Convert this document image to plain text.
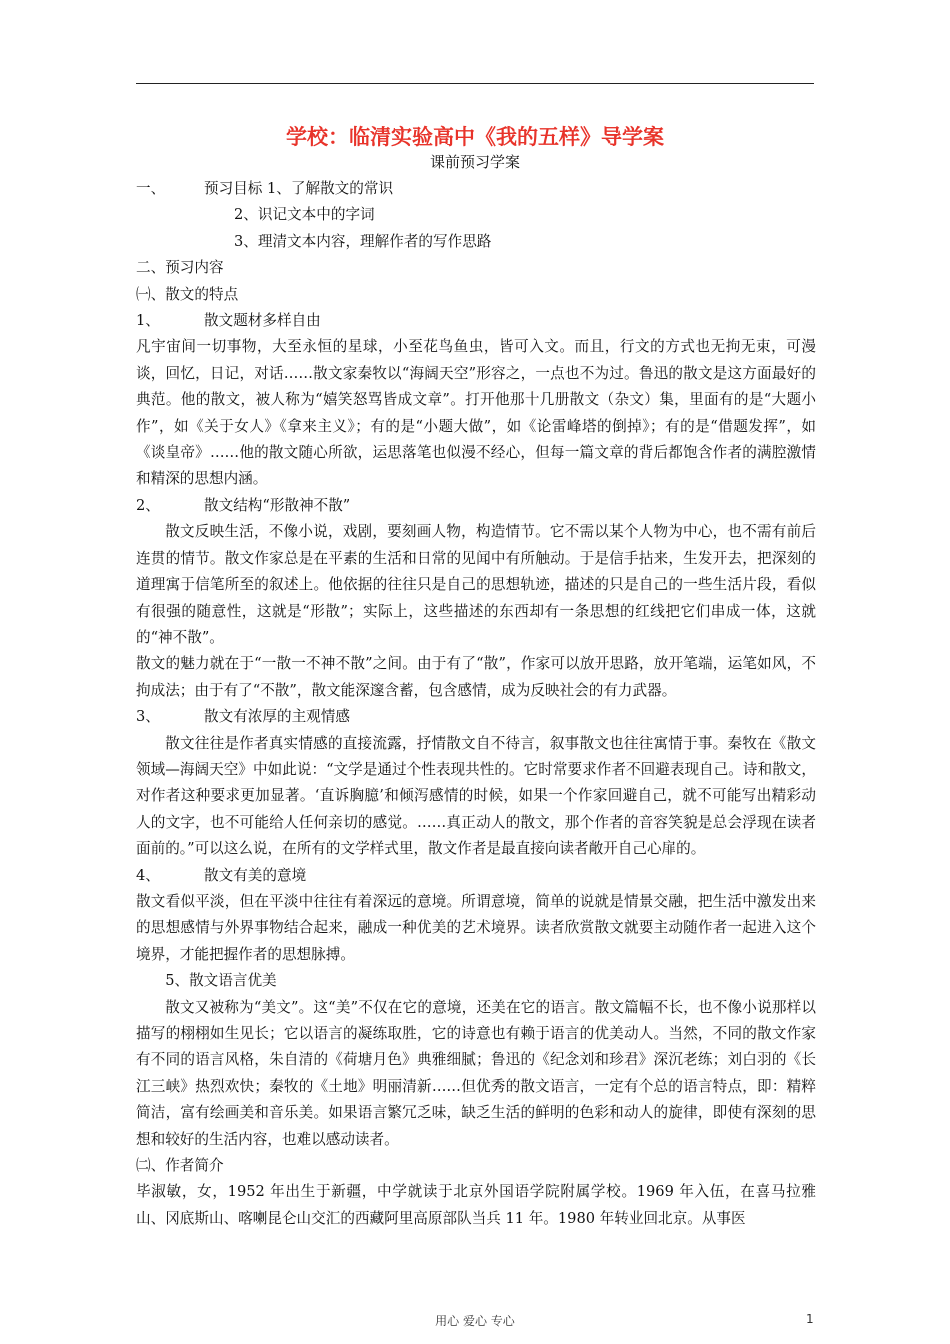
学校：临清实验高中《我的五样》导学案
课前预习学案

一、	预习目标 1、了解散文的常识

2、识记文本中的字词

3、理清文本内容，理解作者的写作思路

二、预习内容

㈠、散文的特点

1、	散文题材多样自由

凡宇宙间一切事物，大至永恒的星球，小至花鸟鱼虫，皆可入文。而且，行文的方式也无拘无束，可漫谈，回忆，日记，对话……散文家秦牧以“海阔天空”形容之，一点也不为过。鲁迅的散文是这方面最好的典范。他的散文，被人称为“嬉笑怒骂皆成文章”。打开他那十几册散文（杂文）集，里面有的是“大题小作”，如《关于女人》《拿来主义》；有的是“小题大做”，如《论雷峰塔的倒掉》；有的是“借题发挥”，如《谈皇帝》……他的散文随心所欲，运思落笔也似漫不经心，但每一篇文章的背后都饱含作者的满腔激情和精深的思想内涵。

2、	散文结构“形散神不散”

散文反映生活，不像小说，戏剧，要刻画人物，构造情节。它不需以某个人物为中心，也不需有前后连贯的情节。散文作家总是在平素的生活和日常的见闻中有所触动。于是信手拈来，生发开去，把深刻的道理寓于信笔所至的叙述上。他依据的往往只是自己的思想轨迹，描述的只是自己的一些生活片段，看似有很强的随意性，这就是“形散”；实际上，这些描述的东西却有一条思想的红线把它们串成一体，这就的“神不散”。

散文的魅力就在于“一散一不神不散”之间。由于有了“散”，作家可以放开思路，放开笔端，运笔如风，不拘成法；由于有了“不散”，散文能深邃含蓄，包含感情，成为反映社会的有力武器。

3、	散文有浓厚的主观情感

散文往往是作者真实情感的直接流露，抒情散文自不待言，叙事散文也往往寓情于事。秦牧在《散文领域—海阔天空》中如此说：“文学是通过个性表现共性的。它时常要求作者不回避表现自己。诗和散文，对作者这种要求更加显著。‘直诉胸臆’和倾泻感情的时候，如果一个作家回避自己，就不可能写出精彩动人的文字，也不可能给人任何亲切的感觉。……真正动人的散文，那个作者的音容笑貌是总会浮现在读者面前的。”可以这么说，在所有的文学样式里，散文作者是最直接向读者敞开自己心扉的。

4、	散文有美的意境

散文看似平淡，但在平淡中往往有着深远的意境。所谓意境，简单的说就是情景交融，把生活中激发出来的思想感情与外界事物结合起来，融成一种优美的艺术境界。读者欣赏散文就要主动随作者一起进入这个境界，才能把握作者的思想脉搏。

5、散文语言优美

散文又被称为“美文”。这“美”不仅在它的意境，还美在它的语言。散文篇幅不长，也不像小说那样以描写的栩栩如生见长；它以语言的凝练取胜，它的诗意也有赖于语言的优美动人。当然，不同的散文作家有不同的语言风格，朱自清的《荷塘月色》典雅细腻；鲁迅的《纪念刘和珍君》深沉老练；刘白羽的《长江三峡》热烈欢快；秦牧的《土地》明丽清新……但优秀的散文语言，一定有个总的语言特点，即：精粹简洁，富有绘画美和音乐美。如果语言繁冗乏味，缺乏生活的鲜明的色彩和动人的旋律，即使有深刻的思想和较好的生活内容，也难以感动读者。

㈡、作者简介

毕淑敏，女，1952 年出生于新疆，中学就读于北京外国语学院附属学校。1969 年入伍，在喜马拉雅山、冈底斯山、喀喇昆仑山交汇的西藏阿里高原部队当兵 11 年。1980 年转业回北京。从事医

用心 爱心 专心	1
